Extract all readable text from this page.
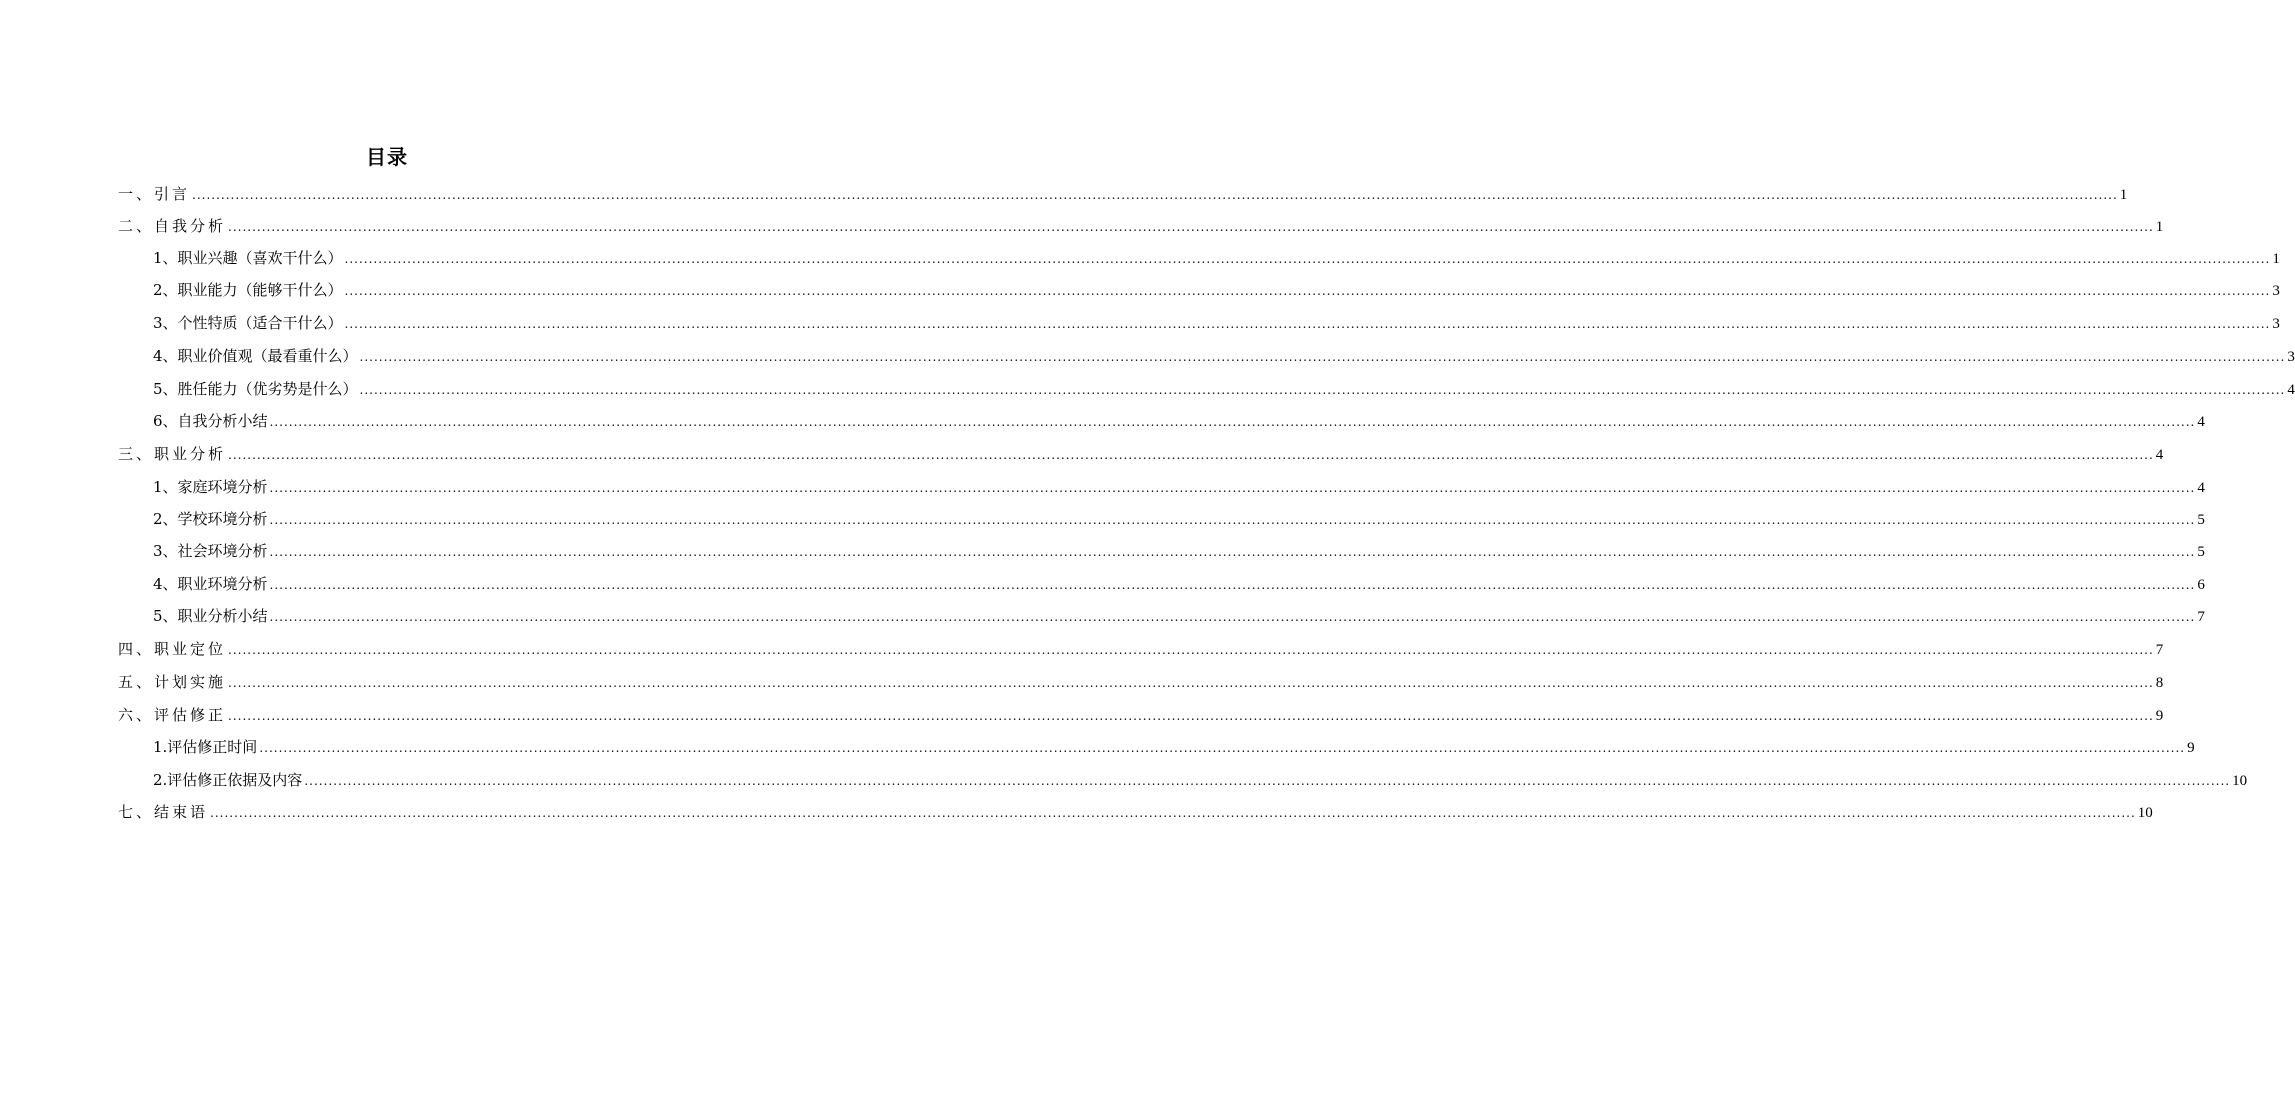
目录
一、引言 ................................................................................................................................................................................................................................................................................................................................................................................................................ 1
二、自我分析 ................................................................................................................................................................................................................................................................................................................................................................................................................ 1
1、职业兴趣（喜欢干什么） ................................................................................................................................................................................................................................................................................................................................................................................................................ 1
2、职业能力（能够干什么） ................................................................................................................................................................................................................................................................................................................................................................................................................ 3
3、个性特质（适合干什么） ................................................................................................................................................................................................................................................................................................................................................................................................................ 3
4、职业价值观（最看重什么） ................................................................................................................................................................................................................................................................................................................................................................................................................ 3
5、胜任能力（优劣势是什么） ................................................................................................................................................................................................................................................................................................................................................................................................................ 4
6、自我分析小结 ................................................................................................................................................................................................................................................................................................................................................................................................................ 4
三、职业分析 ................................................................................................................................................................................................................................................................................................................................................................................................................ 4
1、家庭环境分析 ................................................................................................................................................................................................................................................................................................................................................................................................................ 4
2、学校环境分析 ................................................................................................................................................................................................................................................................................................................................................................................................................ 5
3、社会环境分析 ................................................................................................................................................................................................................................................................................................................................................................................................................ 5
4、职业环境分析 ................................................................................................................................................................................................................................................................................................................................................................................................................ 6
5、职业分析小结 ................................................................................................................................................................................................................................................................................................................................................................................................................ 7
四、职业定位 ................................................................................................................................................................................................................................................................................................................................................................................................................ 7
五、计划实施 ................................................................................................................................................................................................................................................................................................................................................................................................................ 8
六、评估修正 ................................................................................................................................................................................................................................................................................................................................................................................................................ 9
1.评估修正时间 ................................................................................................................................................................................................................................................................................................................................................................................................................ 9
2.评估修正依据及内容 ................................................................................................................................................................................................................................................................................................................................................................................................................ 10
七、结束语 ................................................................................................................................................................................................................................................................................................................................................................................................................ 10
